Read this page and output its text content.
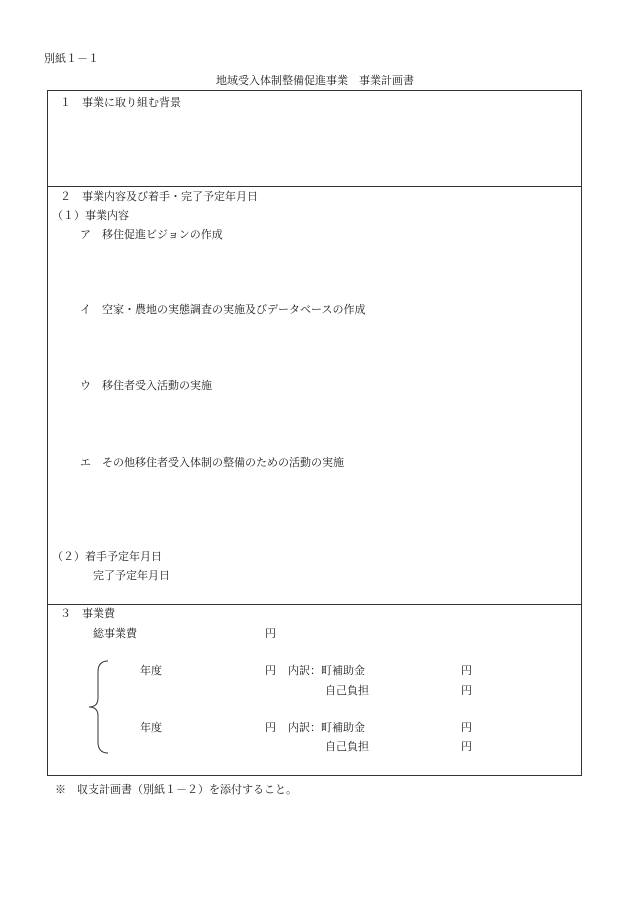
別紙１－１
地域受入体制整備促進事業　事業計画書
１　事業に取り組む背景
２　事業内容及び着手・完了予定年月日
（１）事業内容
ア　移住促進ビジョンの作成
イ　空家・農地の実態調査の実施及びデータベースの作成
ウ　移住者受入活動の実施
エ　その他移住者受入体制の整備のための活動の実施
（２）着手予定年月日
完了予定年月日
３　事業費
総事業費	円
年度	円 内訳：町補助金	円
自己負担	円
年度	円 内訳：町補助金	円
自己負担	円
※　収支計画書（別紙１－２）を添付すること。
